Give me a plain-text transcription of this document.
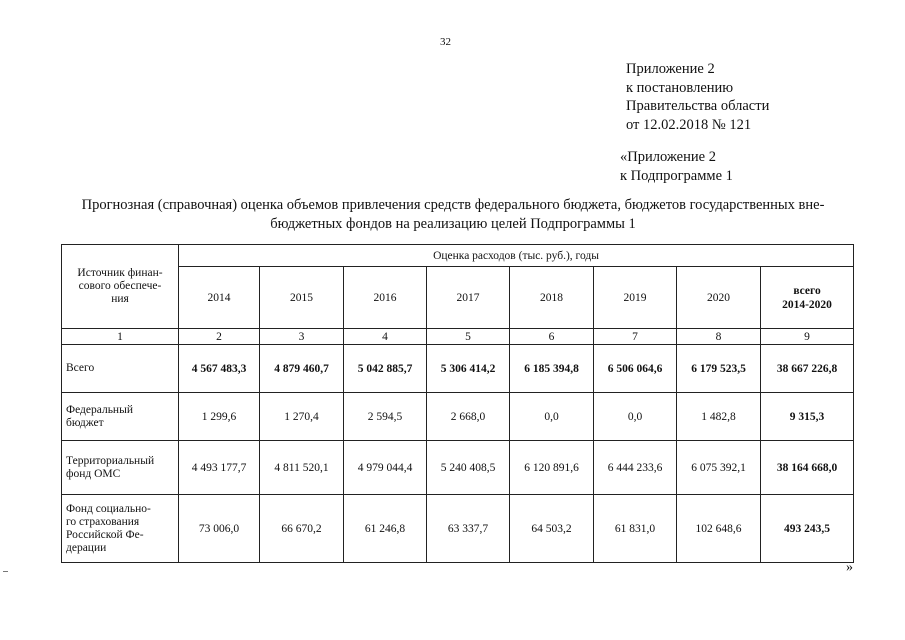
32
Приложение 2
к постановлению
Правительства области
от 12.02.2018 № 121
«Приложение 2
к Подпрограмме 1
Прогнозная (справочная) оценка объемов привлечения средств федерального бюджета, бюджетов государственных вне-
бюджетных фондов на реализацию целей Подпрограммы 1
Источник финан-
сового обеспече-
ния	Оценка расходов (тыс. руб.), годы							
	2014	2015	2016	2017	2018	2019	2020	всего
2014-2020

1	2	3	4	5	6	7	8	9

Всего	4 567 483,3	4 879 460,7	5 042 885,7	5 306 414,2	6 185 394,8	6 506 064,6	6 179 523,5	38 667 226,8

Федеральный
бюджет	1 299,6	1 270,4	2 594,5	2 668,0	0,0	0,0	1 482,8	9 315,3

Территориальный
фонд ОМС	4 493 177,7	4 811 520,1	4 979 044,4	5 240 408,5	6 120 891,6	6 444 233,6	6 075 392,1	38 164 668,0

Фонд социально-
го страхования
Российской Фе-
дерации	73 006,0	66 670,2	61 246,8	63 337,7	64 503,2	61 831,0	102 648,6	493 243,5
»
